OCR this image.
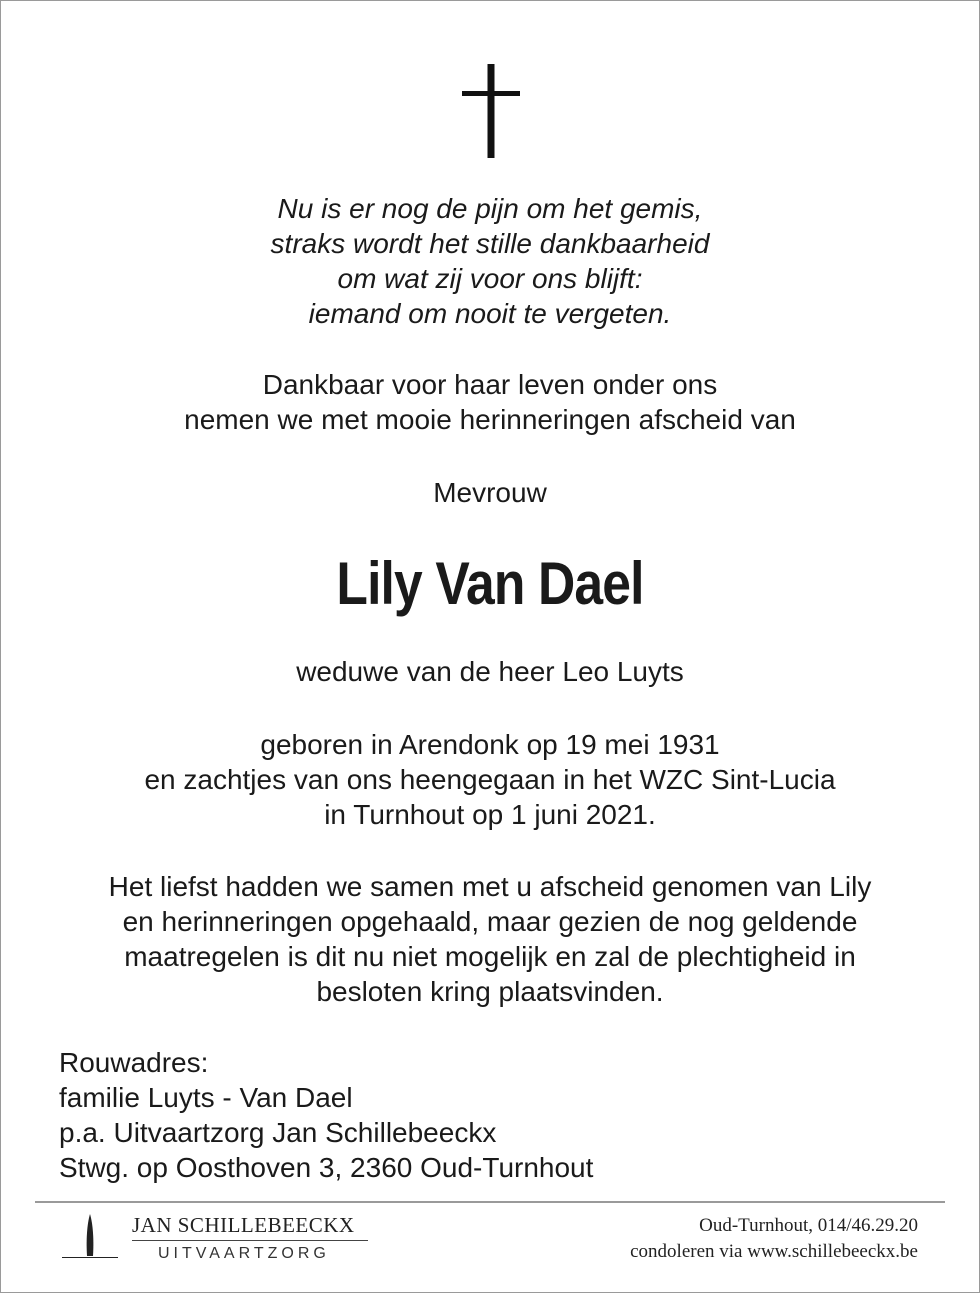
Nu is er nog de pijn om het gemis,
straks wordt het stille dankbaarheid
om wat zij voor ons blijft:
iemand om nooit te vergeten.
Dankbaar voor haar leven onder ons
nemen we met mooie herinneringen afscheid van
Mevrouw
Lily Van Dael
weduwe van de heer Leo Luyts
geboren in Arendonk op 19 mei 1931
en zachtjes van ons heengegaan in het WZC Sint-Lucia
in Turnhout op 1 juni 2021.
Het liefst hadden we samen met u afscheid genomen van Lily
en herinneringen opgehaald, maar gezien de nog geldende
maatregelen is dit nu niet mogelijk en zal de plechtigheid in
besloten kring plaatsvinden.
Rouwadres:
familie Luyts - Van Dael
p.a. Uitvaartzorg Jan Schillebeeckx
Stwg. op Oosthoven 3, 2360 Oud-Turnhout
JAN SCHILLEBEECKX
UITVAARTZORG
Oud-Turnhout, 014/46.29.20
condoleren via www.schillebeeckx.be
